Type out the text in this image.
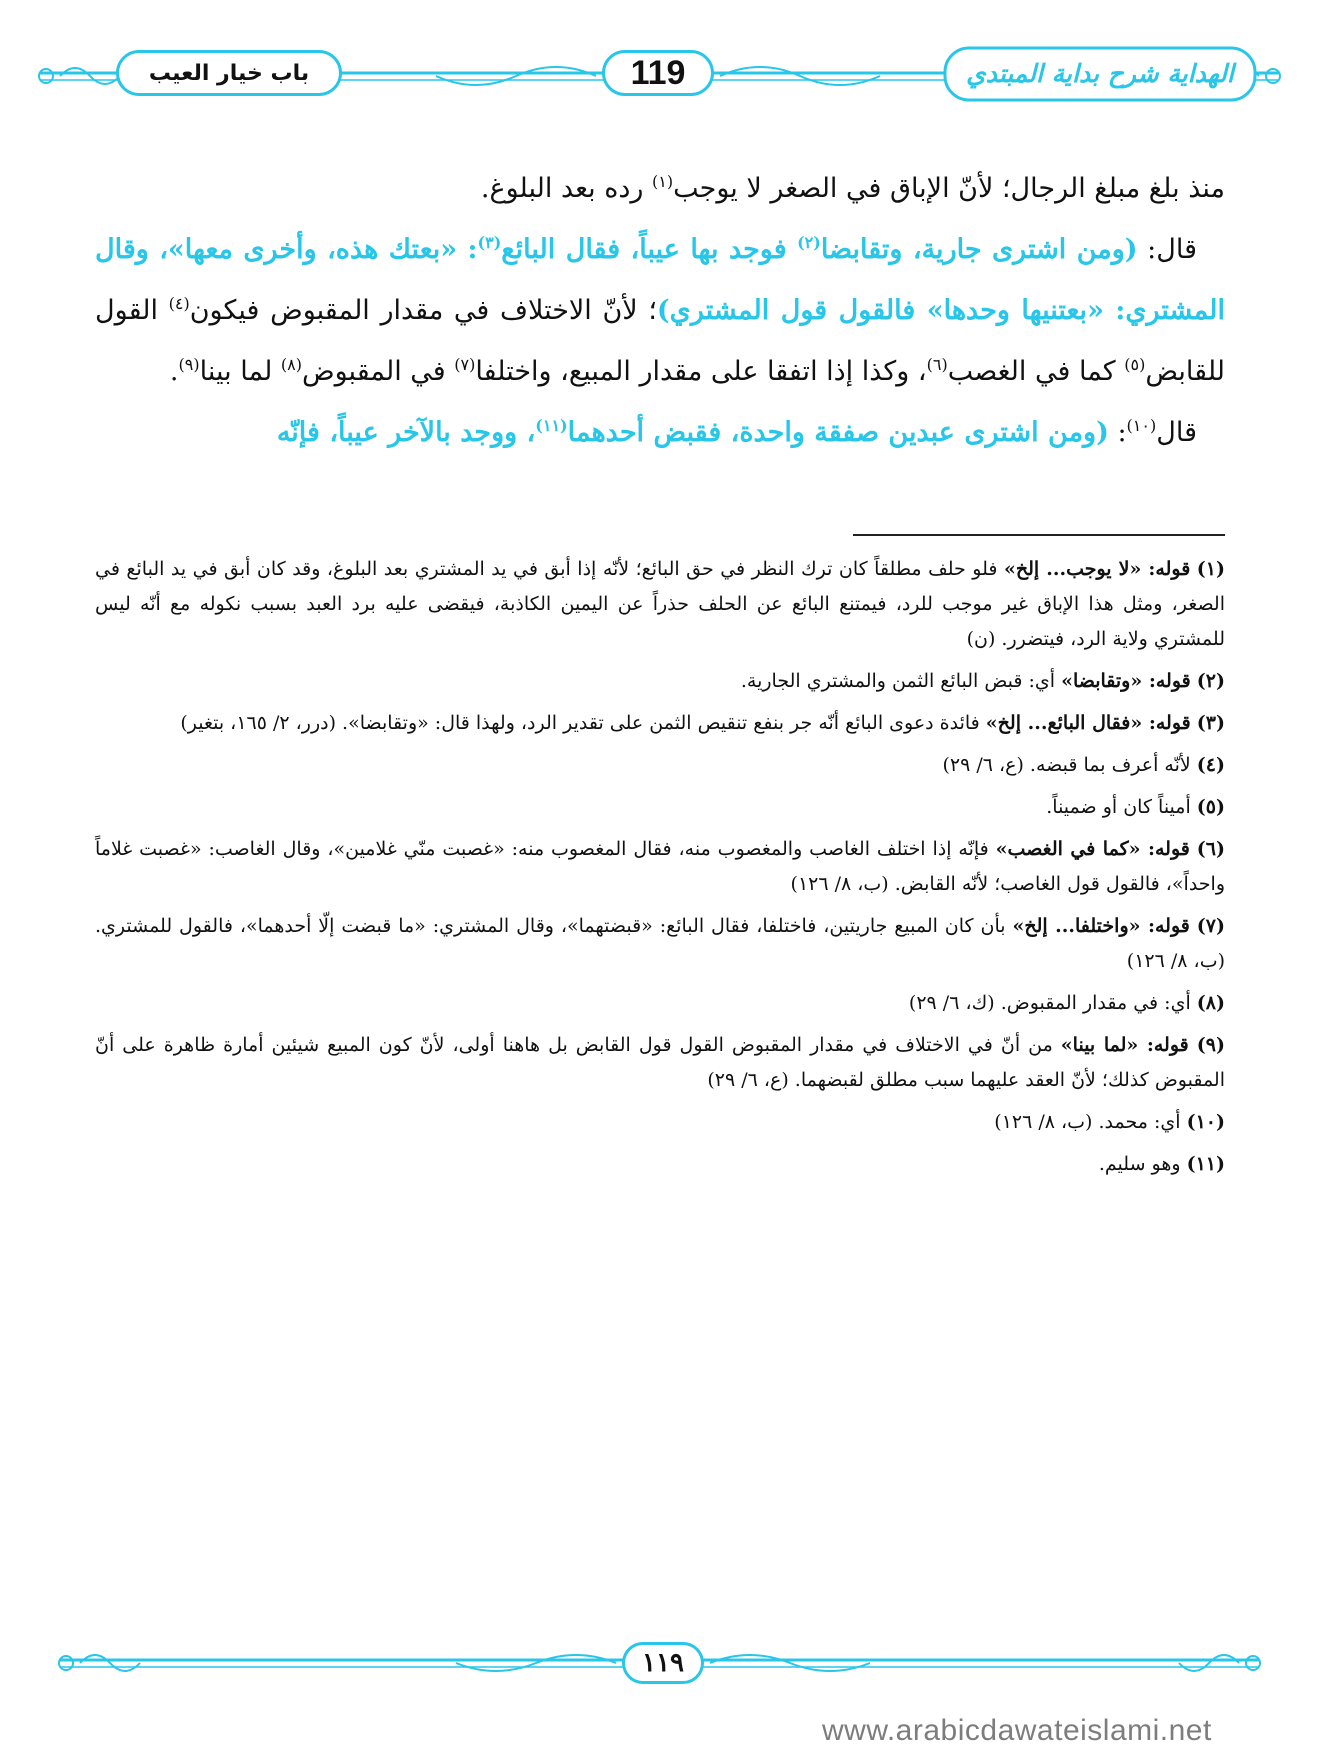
باب خيار العيب	119	الهداية شرح بداية المبتدي

منذ بلغ مبلغ الرجال؛ لأنّ الإباق في الصغر لا يوجب$^{(١)}$ رده بعد البلوغ.

قال: (ومن اشترى جارية، وتقابضا$^{(٢)}$ فوجد بها عيباً، فقال البائع$^{(٣)}$: «بعتك هذه، وأخرى معها»، وقال المشتري: «بعتنيها وحدها» فالقول قول المشتري)؛ لأنّ الاختلاف في مقدار المقبوض فيكون$^{(٤)}$ القول للقابض$^{(٥)}$ كما في الغصب$^{(٦)}$، وكذا إذا اتفقا على مقدار المبيع، واختلفا$^{(٧)}$ في المقبوض$^{(٨)}$ لما بينا$^{(٩)}$.

قال$^{(١٠)}$: (ومن اشترى عبدين صفقة واحدة، فقبض أحدهما$^{(١١)}$، ووجد بالآخر عيباً، فإنّه

(١) قوله: «لا يوجب... إلخ» فلو حلف مطلقاً كان ترك النظر في حق البائع؛ لأنّه إذا أبق في يد المشتري بعد البلوغ، وقد كان أبق في يد البائع في الصغر، ومثل هذا الإباق غير موجب للرد، فيمتنع البائع عن الحلف حذراً عن اليمين الكاذبة، فيقضى عليه برد العبد بسبب نكوله مع أنّه ليس للمشتري ولاية الرد، فيتضرر. (ن)

(٢) قوله: «وتقابضا» أي: قبض البائع الثمن والمشتري الجارية.

(٣) قوله: «فقال البائع... إلخ» فائدة دعوى البائع أنّه جر بنفع تنقيص الثمن على تقدير الرد، ولهذا قال: «وتقابضا». (درر، ٢/ ١٦٥، بتغير)

(٤) لأنّه أعرف بما قبضه. (ع، ٦/ ٢٩)

(٥) أميناً كان أو ضميناً.

(٦) قوله: «كما في الغصب» فإنّه إذا اختلف الغاصب والمغصوب منه، فقال المغصوب منه: «غصبت منّي غلامين»، وقال الغاصب: «غصبت غلاماً واحداً»، فالقول قول الغاصب؛ لأنّه القابض. (ب، ٨/ ١٢٦)

(٧) قوله: «واختلفا... إلخ» بأن كان المبيع جاريتين، فاختلفا، فقال البائع: «قبضتهما»، وقال المشتري: «ما قبضت إلّا أحدهما»، فالقول للمشتري. (ب، ٨/ ١٢٦)

(٨) أي: في مقدار المقبوض. (ك، ٦/ ٢٩)

(٩) قوله: «لما بينا» من أنّ في الاختلاف في مقدار المقبوض القول قول القابض بل هاهنا أولى، لأنّ كون المبيع شيئين أمارة ظاهرة على أنّ المقبوض كذلك؛ لأنّ العقد عليهما سبب مطلق لقبضهما. (ع، ٦/ ٢٩)

(١٠) أي: محمد. (ب، ٨/ ١٢٦)

(١١) وهو سليم.

١١٩
www.arabicdawateislami.net
